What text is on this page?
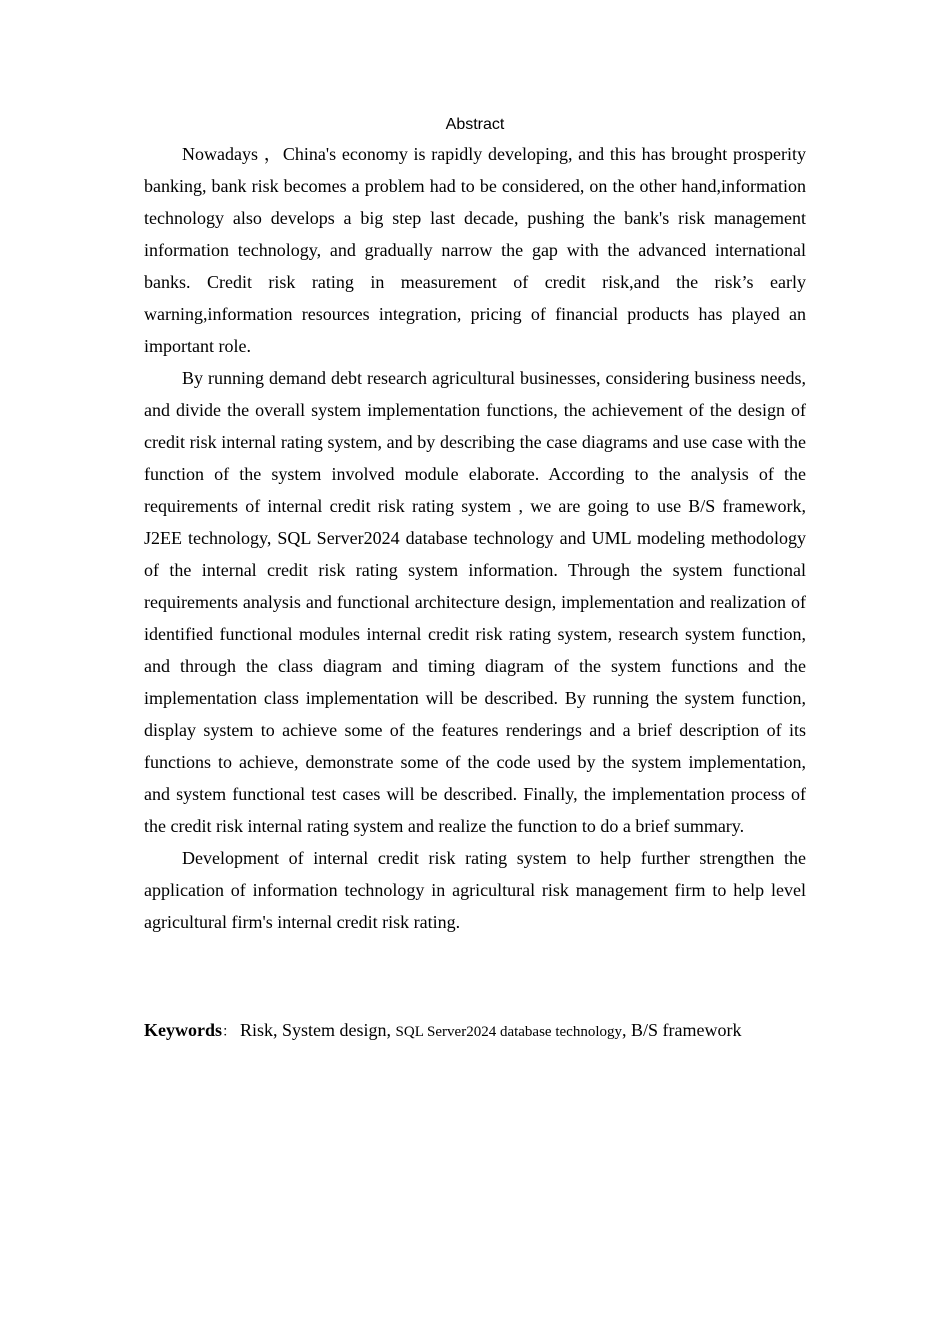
Abstract

Nowadays ，China's economy is rapidly developing, and this has brought prosperity banking, bank risk becomes a problem had to be considered, on the other hand,information technology also develops a big step last decade, pushing the bank's risk management information technology, and gradually narrow the gap with the advanced international banks. Credit risk rating in measurement of credit risk,and the risk’s early warning,information resources integration, pricing of financial products has played an important role.

By running demand debt research agricultural businesses, considering business needs, and divide the overall system implementation functions, the achievement of the design of credit risk internal rating system, and by describing the case diagrams and use case with the function of the system involved module elaborate. According to the analysis of the requirements of internal credit risk rating system , we are going to use B/S framework, J2EE technology, SQL Server2024 database technology and UML modeling methodology of the internal credit risk rating system information. Through the system functional requirements analysis and functional architecture design, implementation and realization of identified functional modules internal credit risk rating system, research system function, and through the class diagram and timing diagram of the system functions and the implementation class implementation will be described. By running the system function, display system to achieve some of the features renderings and a brief description of its functions to achieve, demonstrate some of the code used by the system implementation, and system functional test cases will be described. Finally, the implementation process of the credit risk internal rating system and realize the function to do a brief summary.

Development of internal credit risk rating system to help further strengthen the application of information technology in agricultural risk management firm to help level agricultural firm's internal credit risk rating.

Keywords： Risk, System design, SQL Server2024 database technology, B/S framework
